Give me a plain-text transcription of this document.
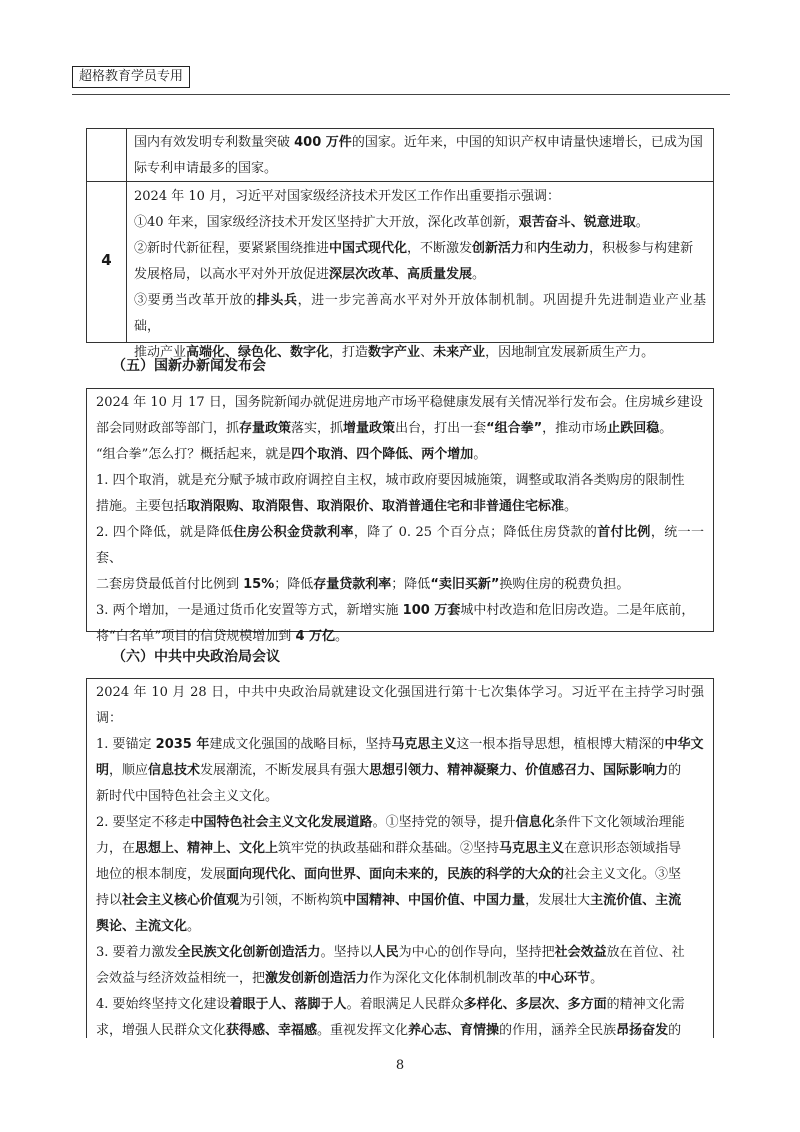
超格教育学员专用
国内有效发明专利数量突破 400 万件的国家。近年来，中国的知识产权申请量快速增长，已成为国
际专利申请最多的国家。
4
2024 年 10 月，习近平对国家级经济技术开发区工作作出重要指示强调：
①40 年来，国家级经济技术开发区坚持扩大开放，深化改革创新，艰苦奋斗、锐意进取。
②新时代新征程，要紧紧围绕推进中国式现代化，不断激发创新活力和内生动力，积极参与构建新
发展格局，以高水平对外开放促进深层次改革、高质量发展。
③要勇当改革开放的排头兵，进一步完善高水平对外开放体制机制。巩固提升先进制造业产业基础，
推动产业高端化、绿色化、数字化，打造数字产业、未来产业，因地制宜发展新质生产力。
（五）国新办新闻发布会
2024 年 10 月 17 日，国务院新闻办就促进房地产市场平稳健康发展有关情况举行发布会。住房城乡建设
部会同财政部等部门，抓存量政策落实，抓增量政策出台，打出一套“组合拳”，推动市场止跌回稳。
“组合拳”怎么打？概括起来，就是四个取消、四个降低、两个增加。
1. 四个取消，就是充分赋予城市政府调控自主权，城市政府要因城施策，调整或取消各类购房的限制性
措施。主要包括取消限购、取消限售、取消限价、取消普通住宅和非普通住宅标准。
2. 四个降低，就是降低住房公积金贷款利率，降了 0. 25 个百分点；降低住房贷款的首付比例，统一一套、
二套房贷最低首付比例到 15%；降低存量贷款利率；降低“卖旧买新”换购住房的税费负担。
3. 两个增加，一是通过货币化安置等方式，新增实施 100 万套城中村改造和危旧房改造。二是年底前，
将“白名单”项目的信贷规模增加到 4 万亿。
（六）中共中央政治局会议
2024 年 10 月 28 日，中共中央政治局就建设文化强国进行第十七次集体学习。习近平在主持学习时强调：
1. 要锚定 2035 年建成文化强国的战略目标，坚持马克思主义这一根本指导思想，植根博大精深的中华文
明，顺应信息技术发展潮流，不断发展具有强大思想引领力、精神凝聚力、价值感召力、国际影响力的
新时代中国特色社会主义文化。
2. 要坚定不移走中国特色社会主义文化发展道路。①坚持党的领导，提升信息化条件下文化领域治理能
力，在思想上、精神上、文化上筑牢党的执政基础和群众基础。②坚持马克思主义在意识形态领域指导
地位的根本制度，发展面向现代化、面向世界、面向未来的，民族的科学的大众的社会主义文化。③坚
持以社会主义核心价值观为引领，不断构筑中国精神、中国价值、中国力量，发展壮大主流价值、主流
舆论、主流文化。
3. 要着力激发全民族文化创新创造活力。坚持以人民为中心的创作导向，坚持把社会效益放在首位、社
会效益与经济效益相统一，把激发创新创造活力作为深化文化体制机制改革的中心环节。
4. 要始终坚持文化建设着眼于人、落脚于人。着眼满足人民群众多样化、多层次、多方面的精神文化需
求，增强人民群众文化获得感、幸福感。重视发挥文化养心志、育情操的作用，涵养全民族昂扬奋发的
8
